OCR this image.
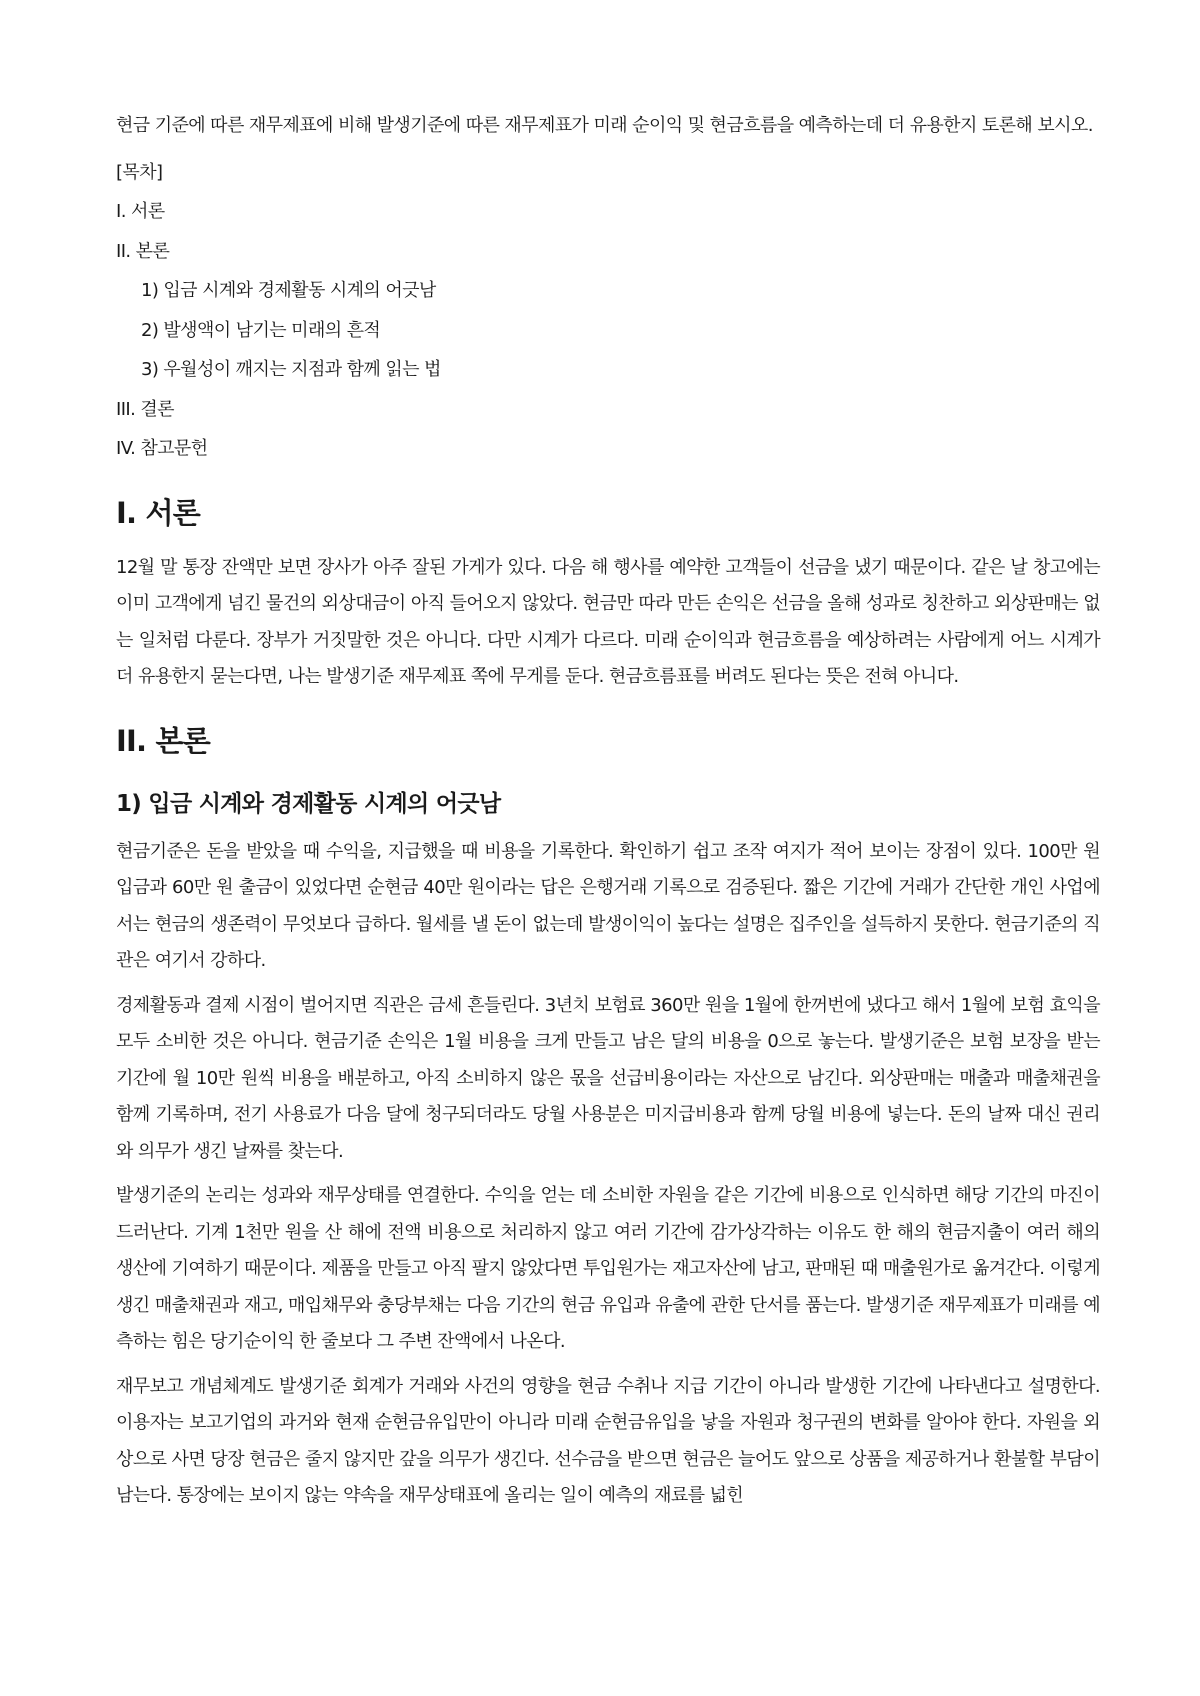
현금 기준에 따른 재무제표에 비해 발생기준에 따른 재무제표가 미래 순이익 및 현금흐름을 예측하는데 더 유용한지 토론해 보시오.

[목차]

I. 서론

II. 본론

1) 입금 시계와 경제활동 시계의 어긋남

2) 발생액이 남기는 미래의 흔적

3) 우월성이 깨지는 지점과 함께 읽는 법

III. 결론

IV. 참고문헌

I. 서론

12월 말 통장 잔액만 보면 장사가 아주 잘된 가게가 있다. 다음 해 행사를 예약한 고객들이 선금을 냈기 때문이다. 같은 날 창고에는 이미 고객에게 넘긴 물건의 외상대금이 아직 들어오지 않았다. 현금만 따라 만든 손익은 선금을 올해 성과로 칭찬하고 외상판매는 없는 일처럼 다룬다. 장부가 거짓말한 것은 아니다. 다만 시계가 다르다. 미래 순이익과 현금흐름을 예상하려는 사람에게 어느 시계가 더 유용한지 묻는다면, 나는 발생기준 재무제표 쪽에 무게를 둔다. 현금흐름표를 버려도 된다는 뜻은 전혀 아니다.

II. 본론
1) 입금 시계와 경제활동 시계의 어긋남

현금기준은 돈을 받았을 때 수익을, 지급했을 때 비용을 기록한다. 확인하기 쉽고 조작 여지가 적어 보이는 장점이 있다. 100만 원 입금과 60만 원 출금이 있었다면 순현금 40만 원이라는 답은 은행거래 기록으로 검증된다. 짧은 기간에 거래가 간단한 개인 사업에서는 현금의 생존력이 무엇보다 급하다. 월세를 낼 돈이 없는데 발생이익이 높다는 설명은 집주인을 설득하지 못한다. 현금기준의 직관은 여기서 강하다.

경제활동과 결제 시점이 벌어지면 직관은 금세 흔들린다. 3년치 보험료 360만 원을 1월에 한꺼번에 냈다고 해서 1월에 보험 효익을 모두 소비한 것은 아니다. 현금기준 손익은 1월 비용을 크게 만들고 남은 달의 비용을 0으로 놓는다. 발생기준은 보험 보장을 받는 기간에 월 10만 원씩 비용을 배분하고, 아직 소비하지 않은 몫을 선급비용이라는 자산으로 남긴다. 외상판매는 매출과 매출채권을 함께 기록하며, 전기 사용료가 다음 달에 청구되더라도 당월 사용분은 미지급비용과 함께 당월 비용에 넣는다. 돈의 날짜 대신 권리와 의무가 생긴 날짜를 찾는다.

발생기준의 논리는 성과와 재무상태를 연결한다. 수익을 얻는 데 소비한 자원을 같은 기간에 비용으로 인식하면 해당 기간의 마진이 드러난다. 기계 1천만 원을 산 해에 전액 비용으로 처리하지 않고 여러 기간에 감가상각하는 이유도 한 해의 현금지출이 여러 해의 생산에 기여하기 때문이다. 제품을 만들고 아직 팔지 않았다면 투입원가는 재고자산에 남고, 판매된 때 매출원가로 옮겨간다. 이렇게 생긴 매출채권과 재고, 매입채무와 충당부채는 다음 기간의 현금 유입과 유출에 관한 단서를 품는다. 발생기준 재무제표가 미래를 예측하는 힘은 당기순이익 한 줄보다 그 주변 잔액에서 나온다.

재무보고 개념체계도 발생기준 회계가 거래와 사건의 영향을 현금 수취나 지급 기간이 아니라 발생한 기간에 나타낸다고 설명한다. 이용자는 보고기업의 과거와 현재 순현금유입만이 아니라 미래 순현금유입을 낳을 자원과 청구권의 변화를 알아야 한다. 자원을 외상으로 사면 당장 현금은 줄지 않지만 갚을 의무가 생긴다. 선수금을 받으면 현금은 늘어도 앞으로 상품을 제공하거나 환불할 부담이 남는다. 통장에는 보이지 않는 약속을 재무상태표에 올리는 일이 예측의 재료를 넓힌
